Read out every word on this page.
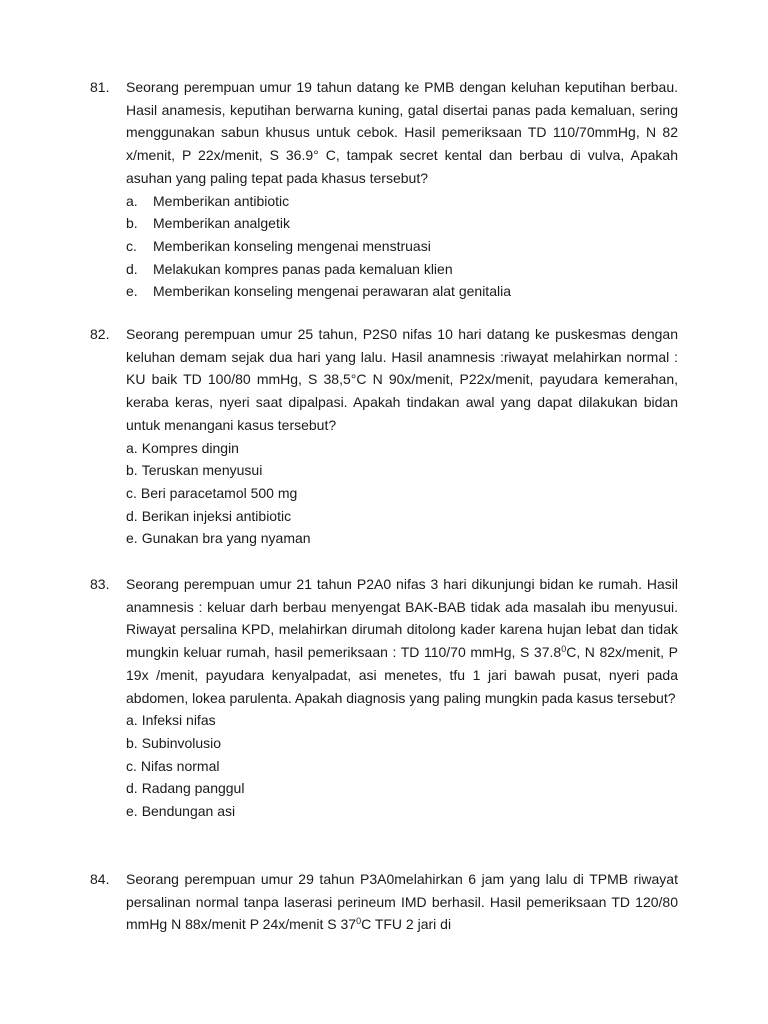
81.	Seorang perempuan umur 19 tahun datang ke PMB dengan keluhan keputihan berbau. Hasil anamesis, keputihan berwarna kuning, gatal disertai panas pada kemaluan, sering menggunakan sabun khusus untuk cebok. Hasil pemeriksaan TD 110/70mmHg, N 82 x/menit, P 22x/menit, S 36.9° C, tampak secret kental dan berbau di vulva, Apakah asuhan yang paling tepat pada khasus tersebut?
a.	Memberikan antibiotic
b.	Memberikan analgetik
c.	Memberikan konseling mengenai menstruasi
d.	Melakukan kompres panas pada kemaluan klien
e.	Memberikan konseling mengenai perawaran alat genitalia
82.	Seorang perempuan umur 25 tahun, P2S0 nifas 10 hari datang ke puskesmas dengan keluhan demam sejak dua hari yang lalu. Hasil anamnesis :riwayat melahirkan normal : KU baik TD 100/80 mmHg, S 38,5°C N 90x/menit, P22x/menit, payudara kemerahan, keraba keras, nyeri saat dipalpasi. Apakah tindakan awal yang dapat dilakukan bidan untuk menangani kasus tersebut?
a. Kompres dingin
b. Teruskan menyusui
c. Beri paracetamol 500 mg
d. Berikan injeksi antibiotic
e. Gunakan bra yang nyaman
83.	Seorang perempuan umur 21 tahun P2A0 nifas 3 hari dikunjungi bidan ke rumah. Hasil anamnesis : keluar darh berbau menyengat BAK-BAB tidak ada masalah ibu menyusui. Riwayat persalina KPD, melahirkan dirumah ditolong kader karena hujan lebat dan tidak mungkin keluar rumah, hasil pemeriksaan : TD 110/70 mmHg, S 37.8$^0$C, N 82x/menit, P 19x /menit, payudara kenyalpadat, asi menetes, tfu 1 jari bawah pusat, nyeri pada abdomen, lokea parulenta. Apakah diagnosis yang paling mungkin pada kasus tersebut?
a. Infeksi nifas
b. Subinvolusio
c. Nifas normal
d. Radang panggul
e. Bendungan asi
84.	Seorang perempuan umur 29 tahun P3A0melahirkan 6 jam yang lalu di TPMB riwayat persalinan normal tanpa laserasi perineum IMD berhasil. Hasil pemeriksaan TD 120/80 mmHg N 88x/menit P 24x/menit S $37^0C$ TFU 2 jari di
